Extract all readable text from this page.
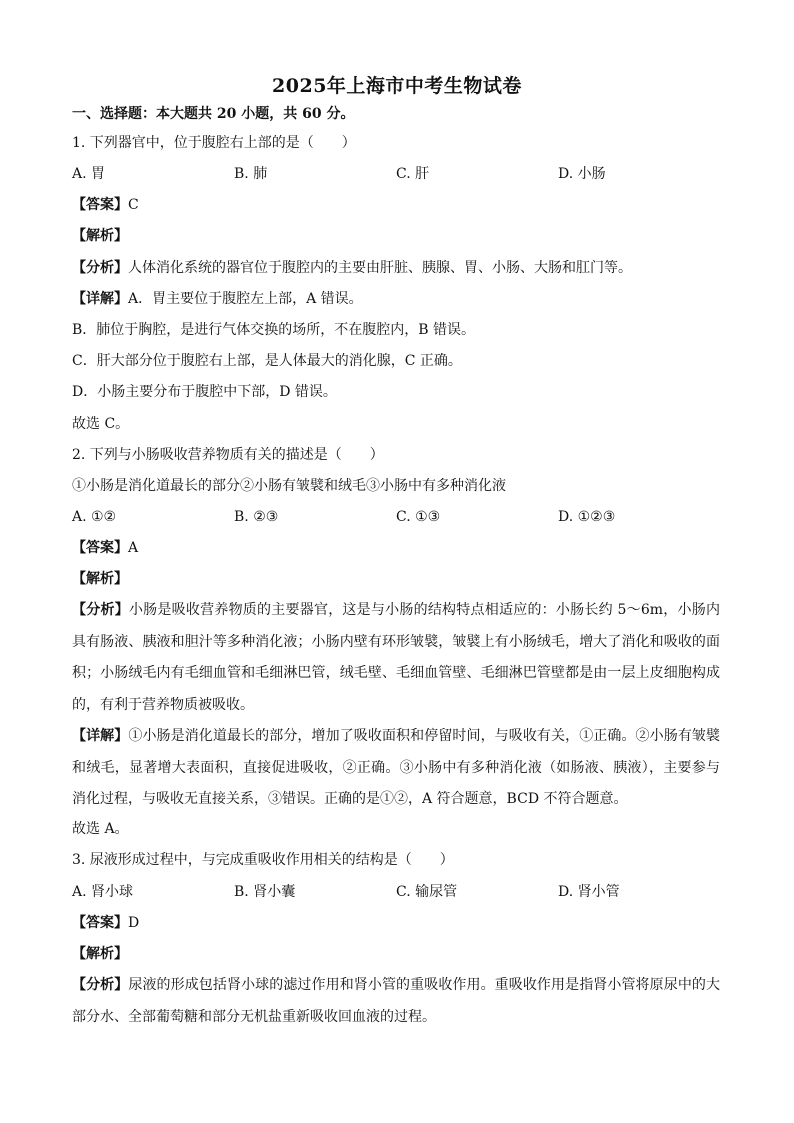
2025年上海市中考生物试卷
一、选择题：本大题共 20 小题，共 60 分。
1. 下列器官中，位于腹腔右上部的是（　　）
A. 胃	B. 肺	C. 肝	D. 小肠
【答案】C
【解析】
【分析】人体消化系统的器官位于腹腔内的主要由肝脏、胰腺、胃、小肠、大肠和肛门等。
【详解】A．胃主要位于腹腔左上部，A 错误。
B．肺位于胸腔，是进行气体交换的场所，不在腹腔内，B 错误。
C．肝大部分位于腹腔右上部，是人体最大的消化腺，C 正确。
D．小肠主要分布于腹腔中下部，D 错误。
故选 C。
2. 下列与小肠吸收营养物质有关的描述是（　　）
①小肠是消化道最长的部分②小肠有皱襞和绒毛③小肠中有多种消化液
A. ①②	B. ②③	C. ①③	D. ①②③
【答案】A
【解析】
【分析】小肠是吸收营养物质的主要器官，这是与小肠的结构特点相适应的：小肠长约 5～6m，小肠内具有肠液、胰液和胆汁等多种消化液；小肠内壁有环形皱襞，皱襞上有小肠绒毛，增大了消化和吸收的面积；小肠绒毛内有毛细血管和毛细淋巴管，绒毛壁、毛细血管壁、毛细淋巴管壁都是由一层上皮细胞构成的，有利于营养物质被吸收。
【详解】①小肠是消化道最长的部分，增加了吸收面积和停留时间，与吸收有关，①正确。②小肠有皱襞和绒毛，显著增大表面积，直接促进吸收，②正确。③小肠中有多种消化液（如肠液、胰液），主要参与消化过程，与吸收无直接关系，③错误。正确的是①②，A 符合题意，BCD 不符合题意。
故选 A。
3. 尿液形成过程中，与完成重吸收作用相关的结构是（　　）
A. 肾小球	B. 肾小囊	C. 输尿管	D. 肾小管
【答案】D
【解析】
【分析】尿液的形成包括肾小球的滤过作用和肾小管的重吸收作用。重吸收作用是指肾小管将原尿中的大部分水、全部葡萄糖和部分无机盐重新吸收回血液的过程。
